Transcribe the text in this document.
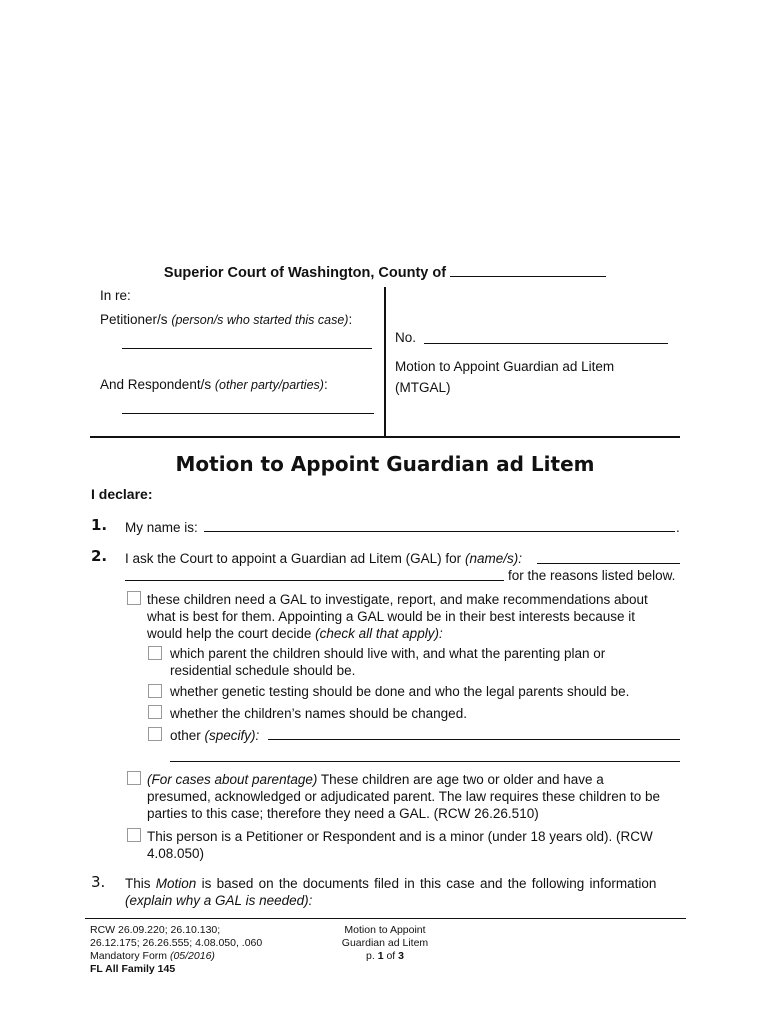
Superior Court of Washington, County of
In re:
Petitioner/s (person/s who started this case):
And Respondent/s (other party/parties):
No.
Motion to Appoint Guardian ad Litem
(MTGAL)
Motion to Appoint Guardian ad Litem
I declare:
1. My name is:	.
2. I ask the Court to appoint a Guardian ad Litem (GAL) for (name/s):
for the reasons listed below.
these children need a GAL to investigate, report, and make recommendations about
what is best for them. Appointing a GAL would be in their best interests because it
would help the court decide (check all that apply):
which parent the children should live with, and what the parenting plan or
residential schedule should be.
whether genetic testing should be done and who the legal parents should be.
whether the children’s names should be changed.
other (specify):
(For cases about parentage) These children are age two or older and have a
presumed, acknowledged or adjudicated parent. The law requires these children to be
parties to this case; therefore they need a GAL. (RCW 26.26.510)
This person is a Petitioner or Respondent and is a minor (under 18 years old). (RCW
4.08.050)
3. This Motion is based on the documents filed in this case and the following information
(explain why a GAL is needed):
RCW 26.09.220; 26.10.130;
26.12.175; 26.26.555; 4.08.050, .060
Mandatory Form (05/2016)
FL All Family 145
Motion to Appoint
Guardian ad Litem
p. 1 of 3
